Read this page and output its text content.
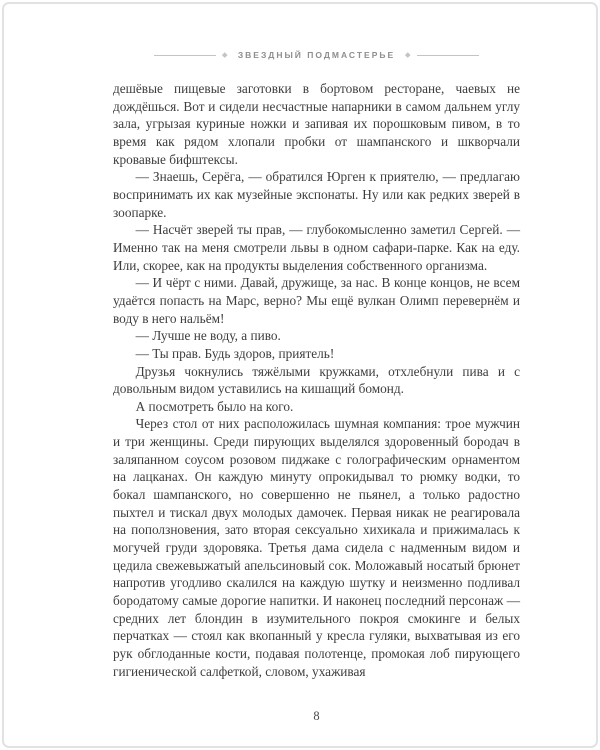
ЗВЕЗДНЫЙ ПОДМАСТЕРЬЕ

дешёвые пищевые заготовки в бортовом ресторане, чаевых не дождёшься. Вот и сидели несчастные напарники в самом дальнем углу зала, угрызая куриные ножки и запивая их порошковым пивом, в то время как рядом хлопали пробки от шампанского и шкворчали кровавые бифштексы.

— Знаешь, Серёга, — обратился Юрген к приятелю, — предлагаю воспринимать их как музейные экспонаты. Ну или как редких зверей в зоопарке.

— Насчёт зверей ты прав, — глубокомысленно заметил Сергей. — Именно так на меня смотрели львы в одном сафари-парке. Как на еду. Или, скорее, как на продукты выделения собственного организма.

— И чёрт с ними. Давай, дружище, за нас. В конце концов, не всем удаётся попасть на Марс, верно? Мы ещё вулкан Олимп перевернём и воду в него нальём!

— Лучше не воду, а пиво.

— Ты прав. Будь здоров, приятель!

Друзья чокнулись тяжёлыми кружками, отхлебнули пива и с довольным видом уставились на кишащий бомонд.

А посмотреть было на кого.

Через стол от них расположилась шумная компания: трое мужчин и три женщины. Среди пирующих выделялся здоровенный бородач в заляпанном соусом розовом пиджаке с голографическим орнаментом на лацканах. Он каждую минуту опрокидывал то рюмку водки, то бокал шампанского, но совершенно не пьянел, а только радостно пыхтел и тискал двух молодых дамочек. Первая никак не реагировала на поползновения, зато вторая сексуально хихикала и прижималась к могучей груди здоровяка. Третья дама сидела с надменным видом и цедила свежевыжатый апельсиновый сок. Моложавый носатый брюнет напротив угодливо скалился на каждую шутку и неизменно подливал бородатому самые дорогие напитки. И наконец последний персонаж — средних лет блондин в изумительного покроя смокинге и белых перчатках — стоял как вкопанный у кресла гуляки, выхватывая из его рук обглоданные кости, подавая полотенце, промокая лоб пирующего гигиенической салфеткой, словом, ухаживая

8
